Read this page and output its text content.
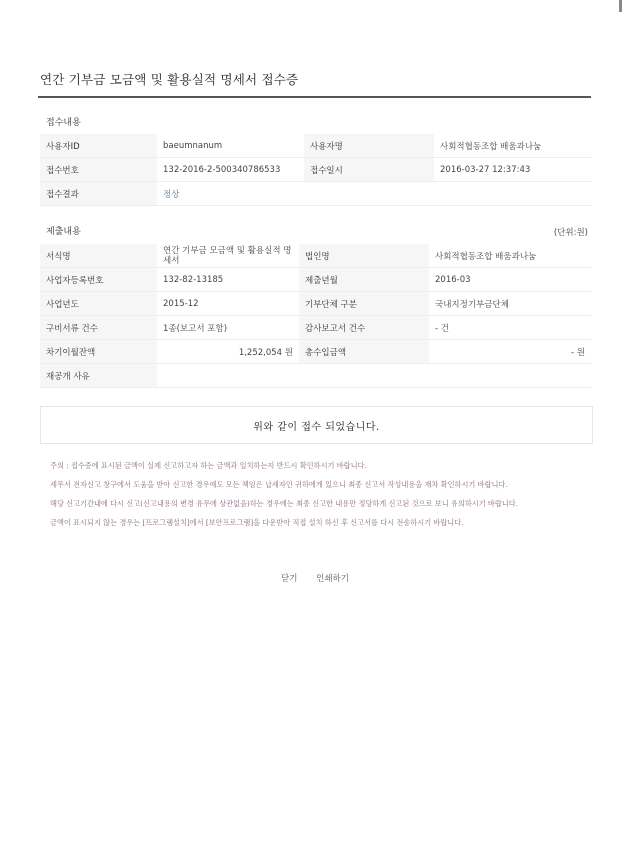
연간 기부금 모금액 및 활용실적 명세서 접수증
접수내용
사용자ID	baeumnanum	사용자명	사회적협동조합 배움과나눔
접수번호	132-2016-2-500340786533	접수일시	2016-03-27 12:37:43
접수결과	정상		
제출내용	(단위:원)
서식명	연간 기부금 모금액 및 활용실적 명세서	법인명	사회적협동조합 배움과나눔
사업자등록번호	132-82-13185	제출년월	2016-03
사업년도	2015-12	기부단체 구분	국내지정기부금단체
구비서류 건수	1종(보고서 포함)	감사보고서 건수	- 건
차기이월잔액	1,252,054 원	총수입금액	- 원
재공개 사유			
위와 같이 접수 되었습니다.

주의 : 접수증에 표시된 금액이 실제 신고하고자 하는 금액과 일치하는지 반드시 확인하시기 바랍니다.

세무서 전자신고 창구에서 도움을 받아 신고한 경우에도 모든 책임은 납세자인 귀하에게 있으니 최종 신고서 작성내용을 재차 확인하시기 바랍니다.

해당 신고기간내에 다시 신고(신고내용의 변경 유무에 상관없음)하는 경우에는 최종 신고한 내용만 정당하게 신고된 것으로 보니 유의하시기 바랍니다.

금액이 표시되지 않는 경우는 [프로그램설치]에서 [보안프로그램]을 다운받아 직접 설치 하신 후 신고서를 다시 전송하시기 바랍니다.

닫기 인쇄하기
